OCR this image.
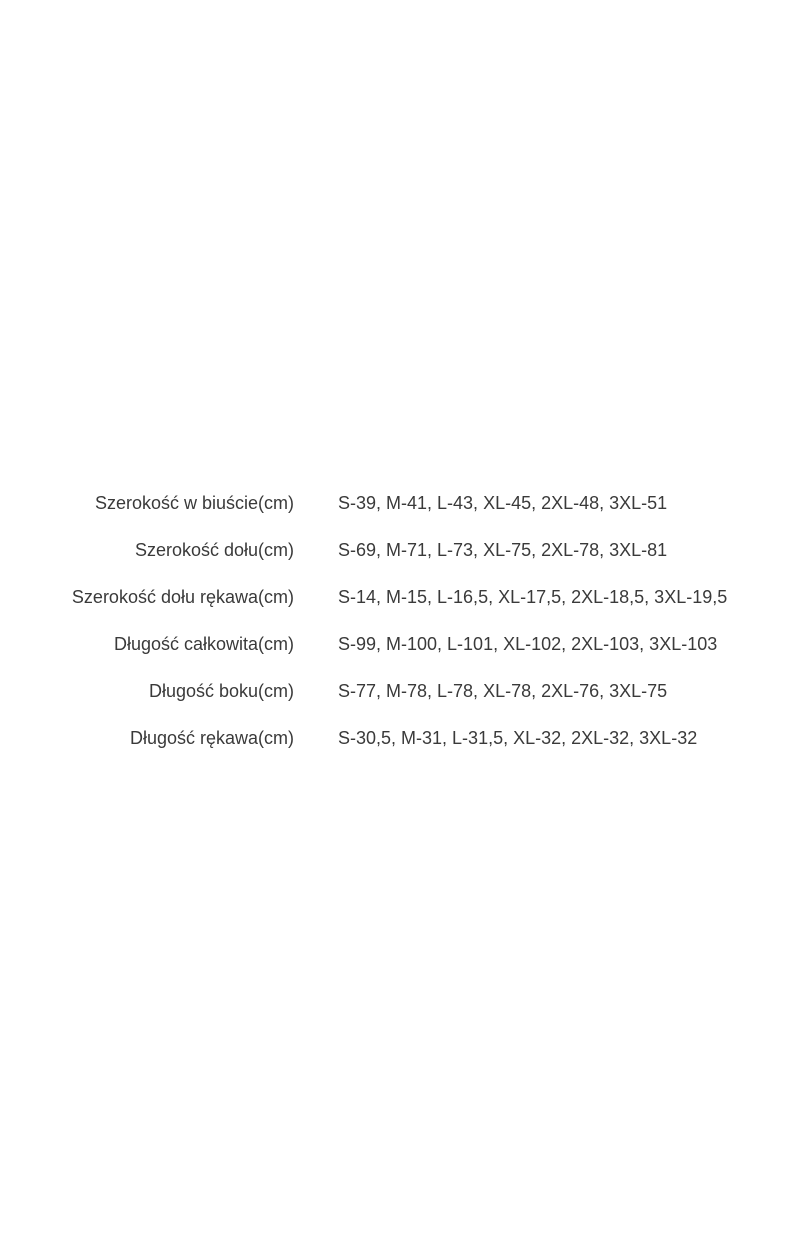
Szerokość w biuście(cm) S-39, M-41, L-43, XL-45, 2XL-48, 3XL-51
Szerokość dołu(cm) S-69, M-71, L-73, XL-75, 2XL-78, 3XL-81
Szerokość dołu rękawa(cm) S-14, M-15, L-16,5, XL-17,5, 2XL-18,5, 3XL-19,5
Długość całkowita(cm) S-99, M-100, L-101, XL-102, 2XL-103, 3XL-103
Długość boku(cm) S-77, M-78, L-78, XL-78, 2XL-76, 3XL-75
Długość rękawa(cm) S-30,5, M-31, L-31,5, XL-32, 2XL-32, 3XL-32
